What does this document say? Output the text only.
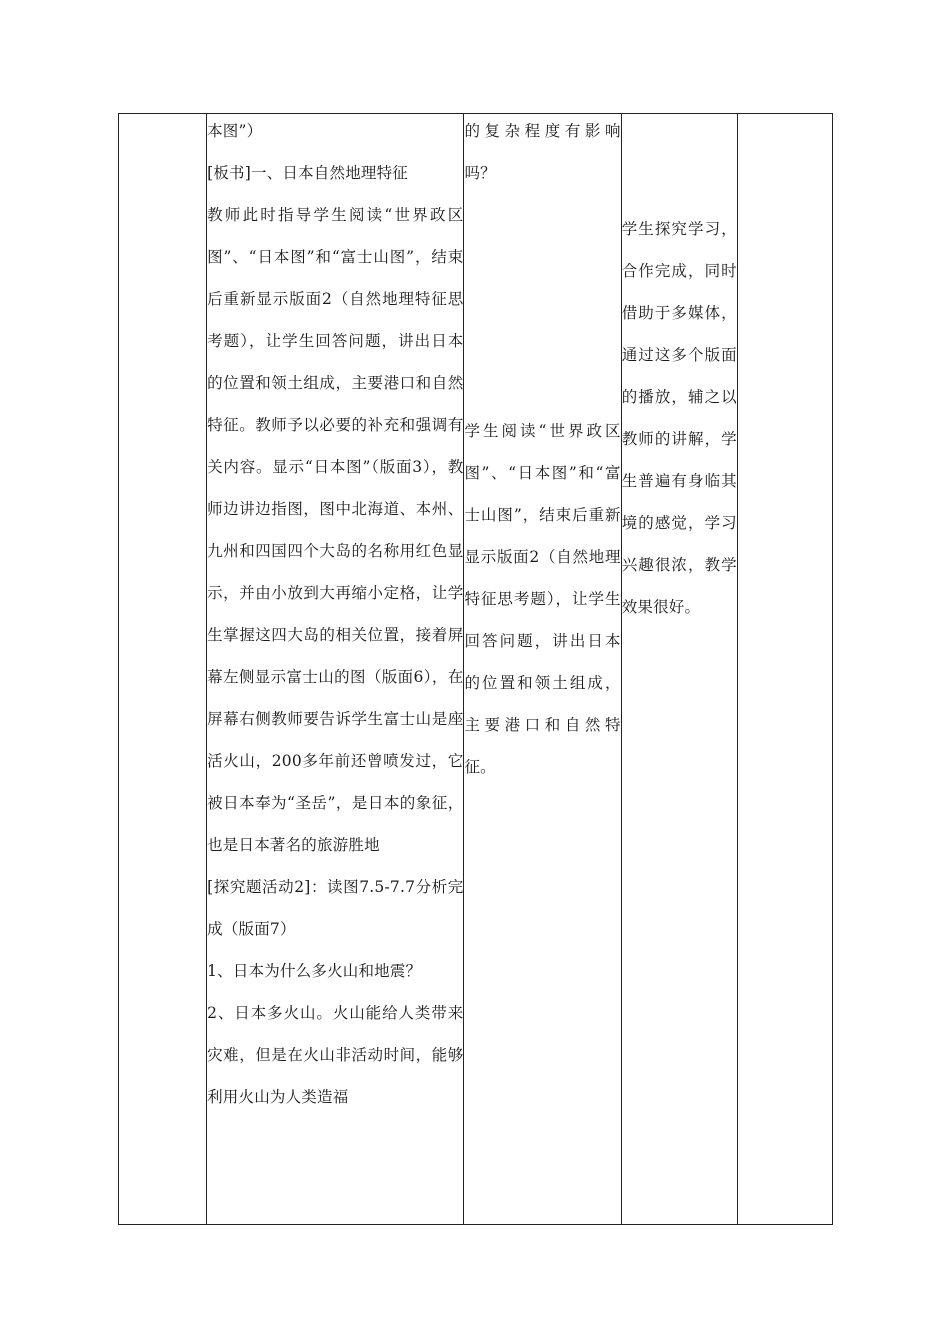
本图”）
[板书]一、日本自然地理特征
教师此时指导学生阅读“世界政区图”、“日本图”和“富士山图”，结束后重新显示版面2（自然地理特征思考题），让学生回答问题，讲出日本的位置和领土组成，主要港口和自然特征。教师予以必要的补充和强调有关内容。显示“日本图”（版面3），教师边讲边指图，图中北海道、本州、九州和四国四个大岛的名称用红色显示，并由小放到大再缩小定格，让学生掌握这四大岛的相关位置，接着屏幕左侧显示富士山的图（版面6），在屏幕右侧教师要告诉学生富士山是座活火山，200多年前还曾喷发过，它被日本奉为“圣岳”，是日本的象征，也是日本著名的旅游胜地
[探究题活动2]：读图7.5-7.7分析完成（版面7）
1、日本为什么多火山和地震？
2、日本多火山。火山能给人类带来灾难，但是在火山非活动时间，能够利用火山为人类造福

的复杂程度有影响吗？
学生阅读“世界政区图”、“日本图”和“富士山图”，结束后重新显示版面2（自然地理特征思考题），让学生回答问题，讲出日本的位置和领土组成，主要港口和自然特征。

学生探究学习，合作完成，同时借助于多媒体，通过这多个版面的播放，辅之以教师的讲解，学生普遍有身临其境的感觉，学习兴趣很浓，教学效果很好。
